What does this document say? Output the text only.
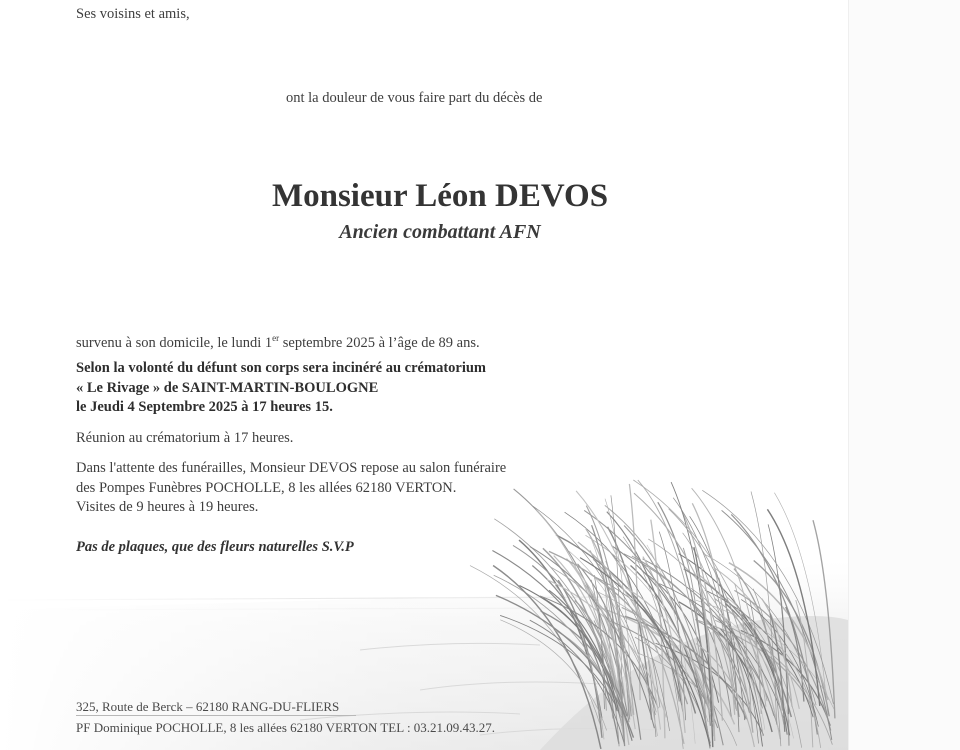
Ses voisins et amis,
ont la douleur de vous faire part du décès de
Monsieur Léon DEVOS
Ancien combattant AFN
survenu à son domicile, le lundi 1er septembre 2025 à l’âge de 89 ans.
Selon la volonté du défunt son corps sera incinéré au crématorium
« Le Rivage » de SAINT-MARTIN-BOULOGNE
le Jeudi 4 Septembre 2025 à 17 heures 15.
Réunion au crématorium à 17 heures.
Dans l'attente des funérailles, Monsieur DEVOS repose au salon funéraire
des Pompes Funèbres POCHOLLE, 8 les allées 62180 VERTON.
Visites de 9 heures à 19 heures.
Pas de plaques, que des fleurs naturelles S.V.P
325, Route de Berck – 62180 RANG-DU-FLIERS
PF Dominique POCHOLLE, 8 les allées 62180 VERTON TEL : 03.21.09.43.27.
